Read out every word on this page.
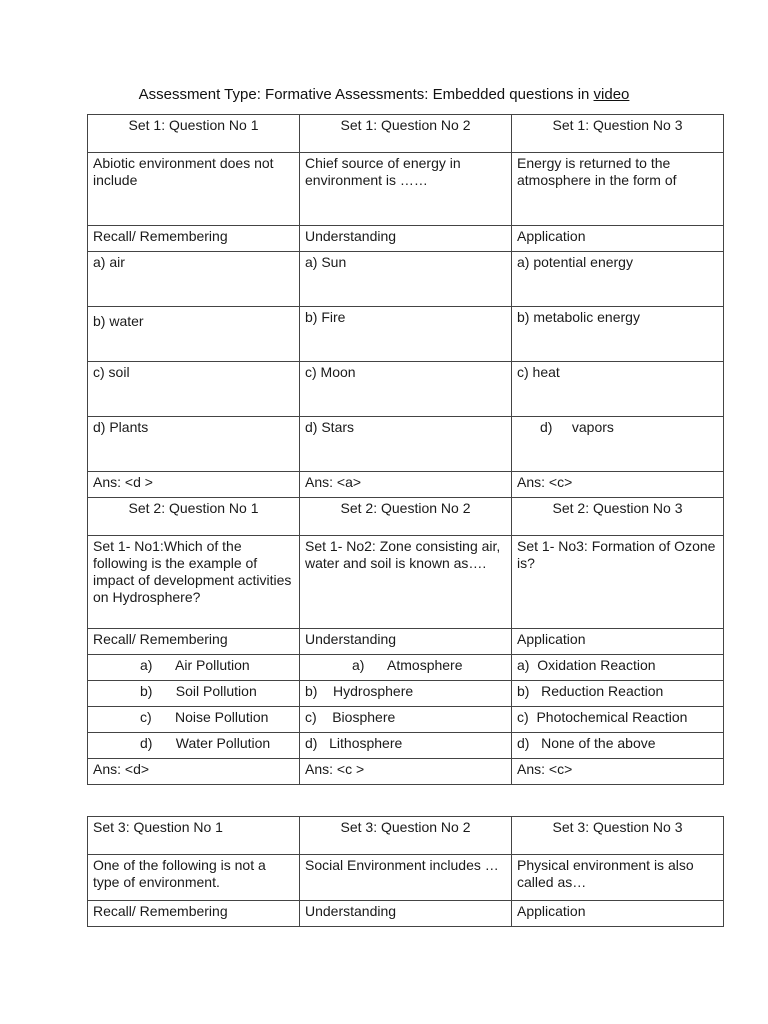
Assessment Type: Formative Assessments: Embedded questions in video
Set 1: Question No 1	Set 1: Question No 2	Set 1: Question No 3
Abiotic environment does not include	Chief source of energy in environment is ……	Energy is returned to the atmosphere in the form of
Recall/ Remembering	Understanding	Application
a) air	a) Sun	a) potential energy
b) water	b) Fire	b) metabolic energy
c) soil	c) Moon	c) heat
d) Plants	d) Stars	d)     vapors
Ans: <d >	Ans: <a>	Ans: <c>
Set 2: Question No 1	Set 2: Question No 2	Set 2: Question No 3
Set 1- No1:Which of the following is the example of impact of development activities on Hydrosphere?	Set 1- No2: Zone consisting air, water and soil is known as….	Set 1- No3: Formation of Ozone is?
Recall/ Remembering	Understanding	Application
a)      Air Pollution	a)      Atmosphere	a)  Oxidation Reaction
b)      Soil Pollution	b)    Hydrosphere	b)   Reduction Reaction
c)      Noise Pollution	c)    Biosphere	c)  Photochemical Reaction
d)      Water Pollution	d)   Lithosphere	d)   None of the above
Ans: <d>	Ans: <c >	Ans: <c>
Set 3: Question No 1	Set 3: Question No 2	Set 3: Question No 3
One of the following is not a type of environment.	Social Environment includes …	Physical environment is also called as…
Recall/ Remembering	Understanding	Application
